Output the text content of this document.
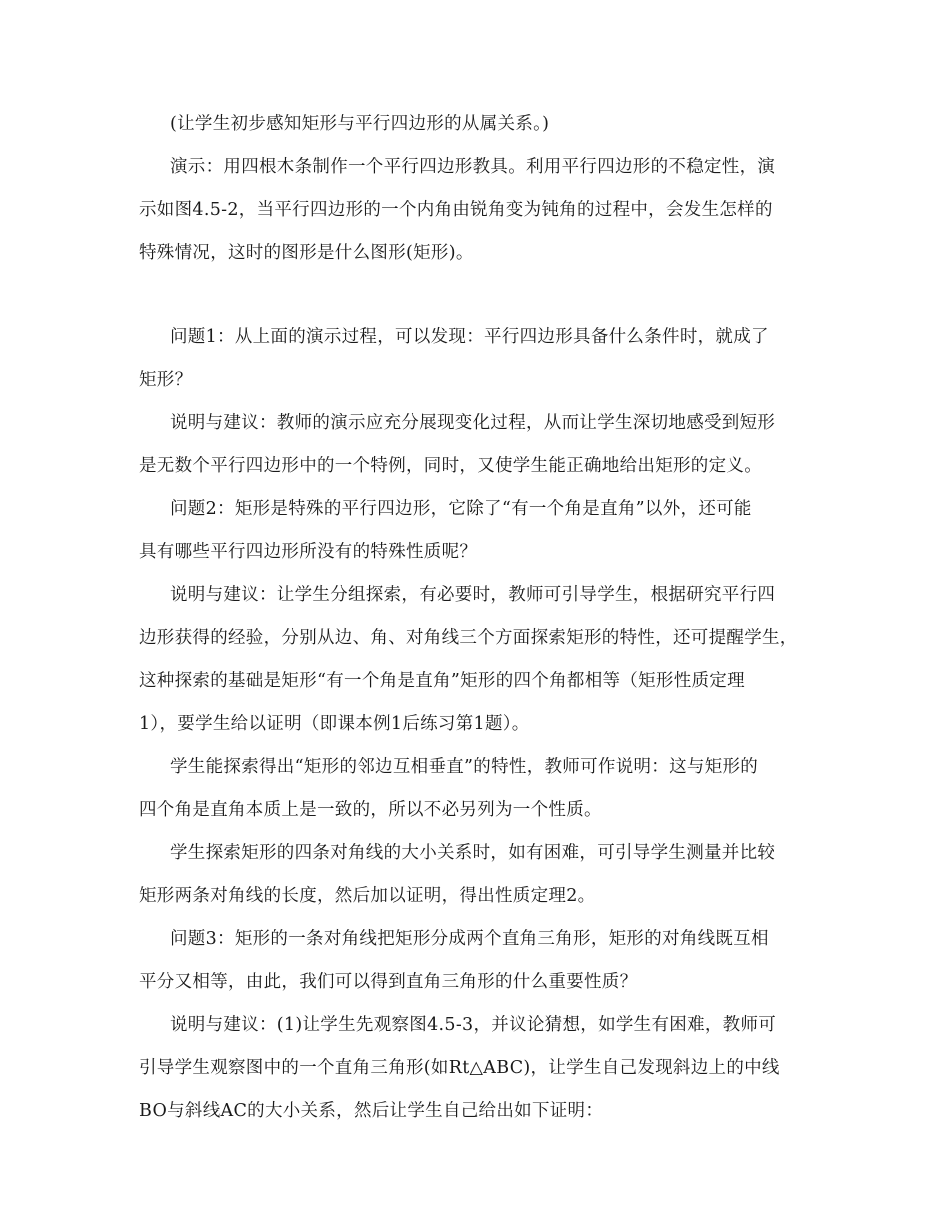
(让学生初步感知矩形与平行四边形的从属关系。)
演示：用四根木条制作一个平行四边形教具。利用平行四边形的不稳定性，演
示如图4.5-2，当平行四边形的一个内角由锐角变为钝角的过程中，会发生怎样的
特殊情况，这时的图形是什么图形(矩形)。
问题1：从上面的演示过程，可以发现：平行四边形具备什么条件时，就成了
矩形？
说明与建议：教师的演示应充分展现变化过程，从而让学生深切地感受到短形
是无数个平行四边形中的一个特例，同时，又使学生能正确地给出矩形的定义。
问题2：矩形是特殊的平行四边形，它除了“有一个角是直角”以外，还可能
具有哪些平行四边形所没有的特殊性质呢？
说明与建议：让学生分组探索，有必要时，教师可引导学生，根据研究平行四
边形获得的经验，分别从边、角、对角线三个方面探索矩形的特性，还可提醒学生，
这种探索的基础是矩形“有一个角是直角”矩形的四个角都相等（矩形性质定理
1），要学生给以证明（即课本例1后练习第1题）。
学生能探索得出“矩形的邻边互相垂直”的特性，教师可作说明：这与矩形的
四个角是直角本质上是一致的，所以不必另列为一个性质。
学生探索矩形的四条对角线的大小关系时，如有困难，可引导学生测量并比较
矩形两条对角线的长度，然后加以证明，得出性质定理2。
问题3：矩形的一条对角线把矩形分成两个直角三角形，矩形的对角线既互相
平分又相等，由此，我们可以得到直角三角形的什么重要性质？
说明与建议：(1)让学生先观察图4.5-3，并议论猜想，如学生有困难，教师可
引导学生观察图中的一个直角三角形(如Rt△ABC)，让学生自己发现斜边上的中线
BO与斜线AC的大小关系，然后让学生自己给出如下证明：
